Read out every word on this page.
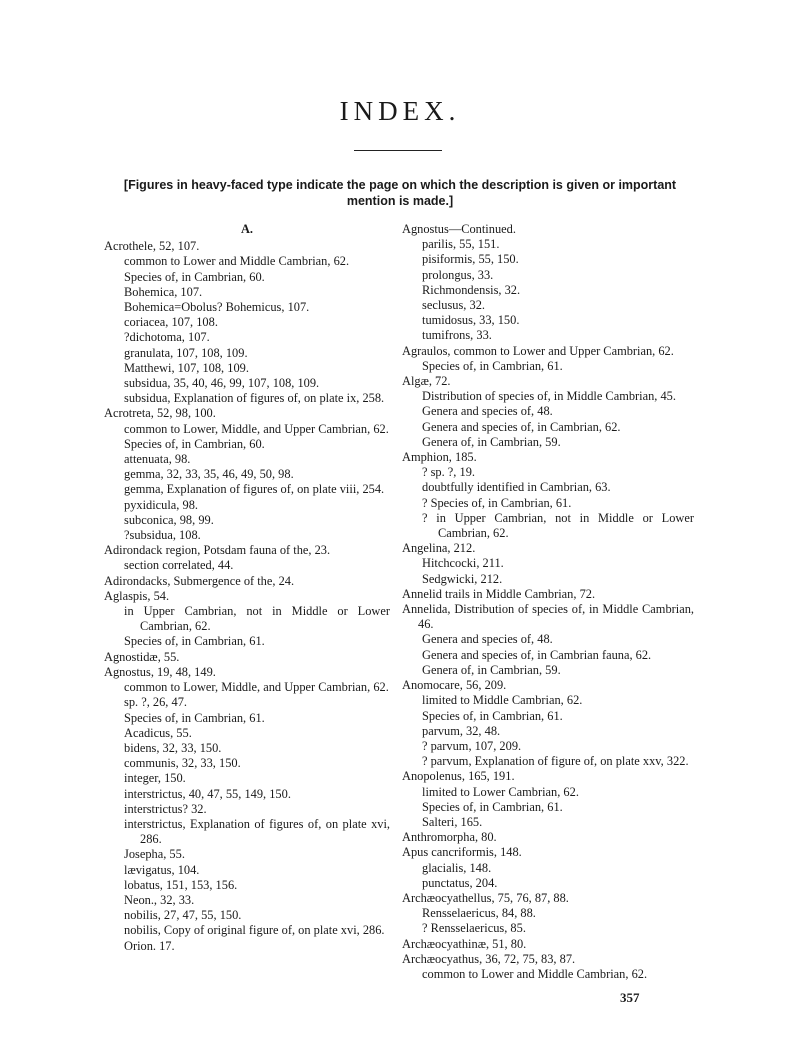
INDEX.
[Figures in heavy-faced type indicate the page on which the description is given or important mention is made.]
A.
Acrothele, 52, 107.
common to Lower and Middle Cambrian, 62.
Species of, in Cambrian, 60.
Bohemica, 107.
Bohemica=Obolus? Bohemicus, 107.
coriacea, 107, 108.
?dichotoma, 107.
granulata, 107, 108, 109.
Matthewi, 107, 108, 109.
subsidua, 35, 40, 46, 99, 107, 108, 109.
subsidua, Explanation of figures of, on plate ix, 258.
Acrotreta, 52, 98, 100.
common to Lower, Middle, and Upper Cambrian, 62.
Species of, in Cambrian, 60.
attenuata, 98.
gemma, 32, 33, 35, 46, 49, 50, 98.
gemma, Explanation of figures of, on plate viii, 254.
pyxidicula, 98.
subconica, 98, 99.
?subsidua, 108.
Adirondack region, Potsdam fauna of the, 23.
section correlated, 44.
Adirondacks, Submergence of the, 24.
Aglaspis, 54.
in Upper Cambrian, not in Middle or Lower Cambrian, 62.
Species of, in Cambrian, 61.
Agnostidæ, 55.
Agnostus, 19, 48, 149.
common to Lower, Middle, and Upper Cambrian, 62.
sp. ?, 26, 47.
Species of, in Cambrian, 61.
Acadicus, 55.
bidens, 32, 33, 150.
communis, 32, 33, 150.
integer, 150.
interstrictus, 40, 47, 55, 149, 150.
interstrictus? 32.
interstrictus, Explanation of figures of, on plate xvi, 286.
Josepha, 55.
lævigatus, 104.
lobatus, 151, 153, 156.
Neon., 32, 33.
nobilis, 27, 47, 55, 150.
nobilis, Copy of original figure of, on plate xvi, 286.
Orion. 17.
Agnostus—Continued.
parilis, 55, 151.
pisiformis, 55, 150.
prolongus, 33.
Richmondensis, 32.
seclusus, 32.
tumidosus, 33, 150.
tumifrons, 33.
Agraulos, common to Lower and Upper Cambrian, 62.
Species of, in Cambrian, 61.
Algæ, 72.
Distribution of species of, in Middle Cambrian, 45.
Genera and species of, 48.
Genera and species of, in Cambrian, 62.
Genera of, in Cambrian, 59.
Amphion, 185.
? sp. ?, 19.
doubtfully identified in Cambrian, 63.
? Species of, in Cambrian, 61.
? in Upper Cambrian, not in Middle or Lower Cambrian, 62.
Angelina, 212.
Hitchcocki, 211.
Sedgwicki, 212.
Annelid trails in Middle Cambrian, 72.
Annelida, Distribution of species of, in Middle Cambrian, 46.
Genera and species of, 48.
Genera and species of, in Cambrian fauna, 62.
Genera of, in Cambrian, 59.
Anomocare, 56, 209.
limited to Middle Cambrian, 62.
Species of, in Cambrian, 61.
parvum, 32, 48.
? parvum, 107, 209.
? parvum, Explanation of figure of, on plate xxv, 322.
Anopolenus, 165, 191.
limited to Lower Cambrian, 62.
Species of, in Cambrian, 61.
Salteri, 165.
Anthromorpha, 80.
Apus cancriformis, 148.
glacialis, 148.
punctatus, 204.
Archæocyathellus, 75, 76, 87, 88.
Rensselaericus, 84, 88.
? Rensselaericus, 85.
Archæocyathinæ, 51, 80.
Archæocyathus, 36, 72, 75, 83, 87.
common to Lower and Middle Cambrian, 62.
357
